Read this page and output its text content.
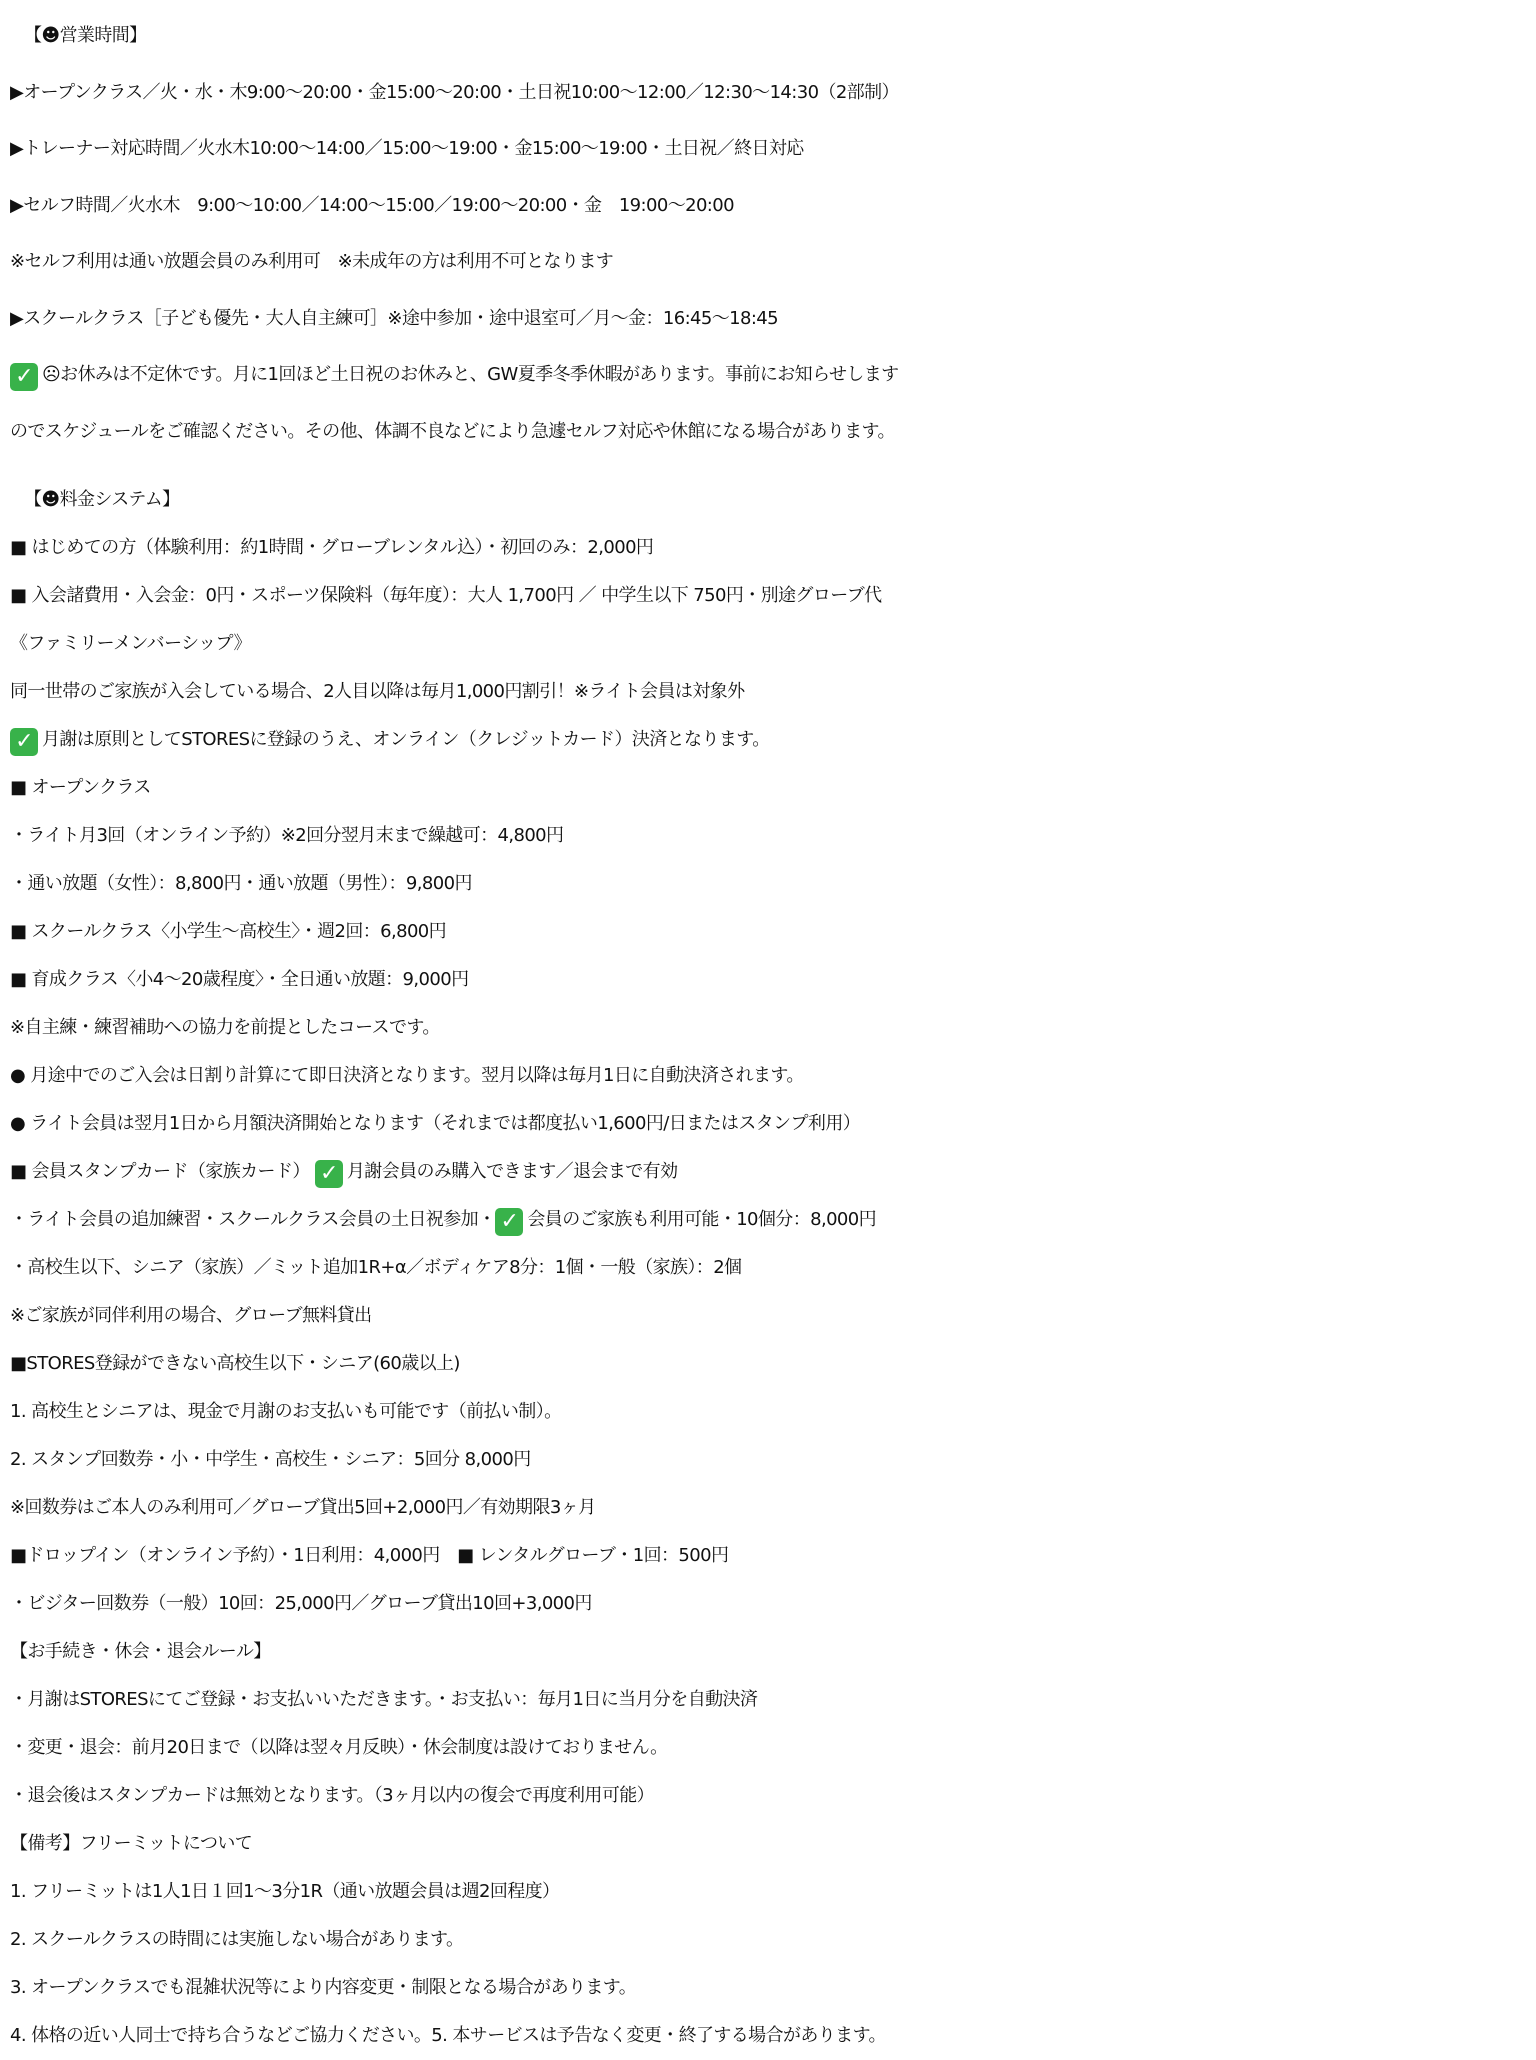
【☻営業時間】
▶オープンクラス／火・水・木9:00〜20:00・金15:00〜20:00・土日祝10:00〜12:00／12:30〜14:30（2部制）
▶トレーナー対応時間／火水木10:00〜14:00／15:00〜19:00・金15:00〜19:00・土日祝／終日対応
▶セルフ時間／火水木　9:00〜10:00／14:00〜15:00／19:00〜20:00・金　19:00〜20:00
※セルフ利用は通い放題会員のみ利用可　※未成年の方は利用不可となります
▶スクールクラス［子ども優先・大人自主練可］※途中参加・途中退室可／月〜金：16:45〜18:45
✓ ☹お休みは不定休です。月に1回ほど土日祝のお休みと、GW夏季冬季休暇があります。事前にお知らせします
のでスケジュールをご確認ください。その他、体調不良などにより急遽セルフ対応や休館になる場合があります。
【☻料金システム】
■ はじめての方（体験利用：約1時間・グローブレンタル込）・初回のみ：2,000円
■ 入会諸費用・入会金：0円・スポーツ保険料（毎年度）：大人 1,700円 ／ 中学生以下 750円・別途グローブ代
《ファミリーメンバーシップ》
同一世帯のご家族が入会している場合、2人目以降は毎月1,000円割引！※ライト会員は対象外
✓ 月謝は原則としてSTORESに登録のうえ、オンライン（クレジットカード）決済となります。
■ オープンクラス
・ライト月3回（オンライン予約）※2回分翌月末まで繰越可：4,800円
・通い放題（女性）：8,800円・通い放題（男性）：9,800円
■ スクールクラス〈小学生〜高校生〉・週2回：6,800円
■ 育成クラス〈小4〜20歳程度〉・全日通い放題：9,000円
※自主練・練習補助への協力を前提としたコースです。
● 月途中でのご入会は日割り計算にて即日決済となります。翌月以降は毎月1日に自動決済されます。
● ライト会員は翌月1日から月額決済開始となります（それまでは都度払い1,600円/日またはスタンプ利用）
■ 会員スタンプカード（家族カード） ✓ 月謝会員のみ購入できます／退会まで有効
・ライト会員の追加練習・スクールクラス会員の土日祝参加・ ✓ 会員のご家族も利用可能・10個分：8,000円
・高校生以下、シニア（家族）／ミット追加1R+α／ボディケア8分：1個・一般（家族）：2個
※ご家族が同伴利用の場合、グローブ無料貸出
■STORES登録ができない高校生以下・シニア(60歳以上)
1. 高校生とシニアは、現金で月謝のお支払いも可能です（前払い制）。
2. スタンプ回数券・小・中学生・高校生・シニア：5回分 8,000円
※回数券はご本人のみ利用可／グローブ貸出5回+2,000円／有効期限3ヶ月
■ドロップイン（オンライン予約）・1日利用：4,000円　■ レンタルグローブ・1回：500円
・ビジター回数券（一般）10回：25,000円／グローブ貸出10回+3,000円
【お手続き・休会・退会ルール】
・月謝はSTORESにてご登録・お支払いいただきます。・お支払い：毎月1日に当月分を自動決済
・変更・退会：前月20日まで（以降は翌々月反映）・休会制度は設けておりません。
・退会後はスタンプカードは無効となります。（3ヶ月以内の復会で再度利用可能）
【備考】フリーミットについて
1. フリーミットは1人1日１回1〜3分1R（通い放題会員は週2回程度）
2. スクールクラスの時間には実施しない場合があります。
3. オープンクラスでも混雑状況等により内容変更・制限となる場合があります。
4. 体格の近い人同士で持ち合うなどご協力ください。5. 本サービスは予告なく変更・終了する場合があります。
